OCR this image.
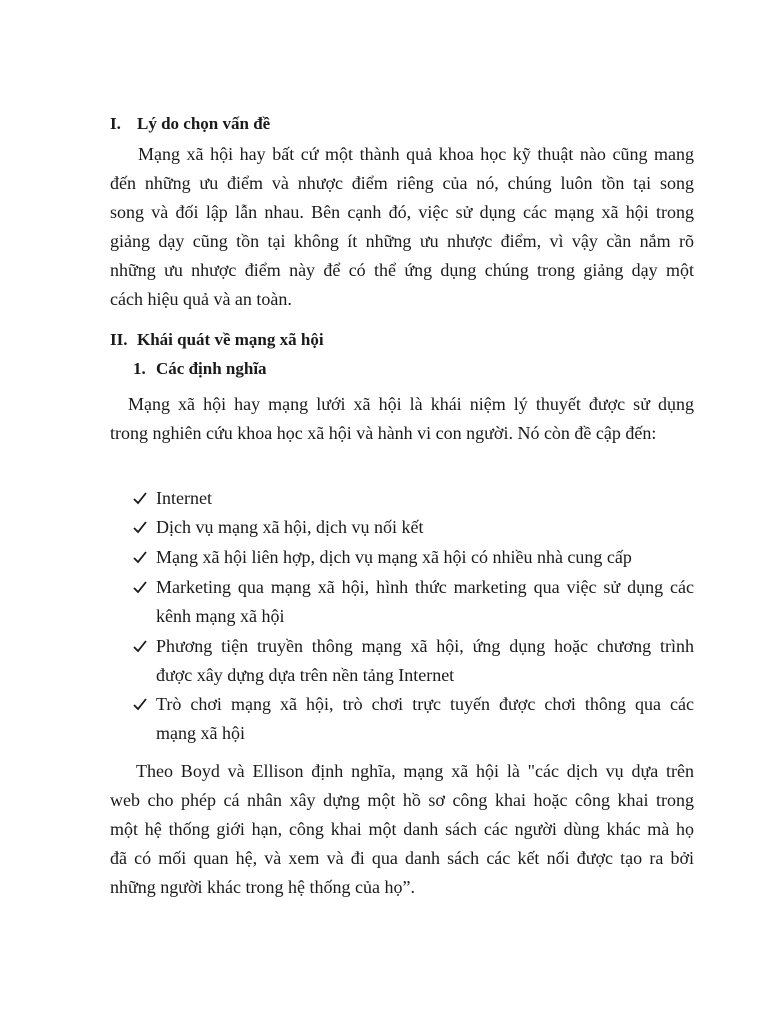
I. Lý do chọn vấn đề
Mạng xã hội hay bất cứ một thành quả khoa học kỹ thuật nào cũng mang
đến những ưu điểm và nhược điểm riêng của nó, chúng luôn tồn tại song
song và đối lập lẫn nhau. Bên cạnh đó, việc sử dụng các mạng xã hội trong
giảng dạy cũng tồn tại không ít những ưu nhược điểm, vì vậy cần nắm rõ
những ưu nhược điểm này để có thể ứng dụng chúng trong giảng dạy một
cách hiệu quả và an toàn.
II. Khái quát về mạng xã hội
1. Các định nghĩa
Mạng xã hội hay mạng lưới xã hội là khái niệm lý thuyết được sử dụng
trong nghiên cứu khoa học xã hội và hành vi con người. Nó còn đề cập đến:
Internet
Dịch vụ mạng xã hội, dịch vụ nối kết
Mạng xã hội liên hợp, dịch vụ mạng xã hội có nhiều nhà cung cấp
Marketing qua mạng xã hội, hình thức marketing qua việc sử dụng các
kênh mạng xã hội
Phương tiện truyền thông mạng xã hội, ứng dụng hoặc chương trình
được xây dựng dựa trên nền tảng Internet
Trò chơi mạng xã hội, trò chơi trực tuyến được chơi thông qua các
mạng xã hội
Theo Boyd và Ellison định nghĩa, mạng xã hội là "các dịch vụ dựa trên
web cho phép cá nhân xây dựng một hồ sơ công khai hoặc công khai trong
một hệ thống giới hạn, công khai một danh sách các người dùng khác mà họ
đã có mối quan hệ, và xem và đi qua danh sách các kết nối được tạo ra bởi
những người khác trong hệ thống của họ”.
